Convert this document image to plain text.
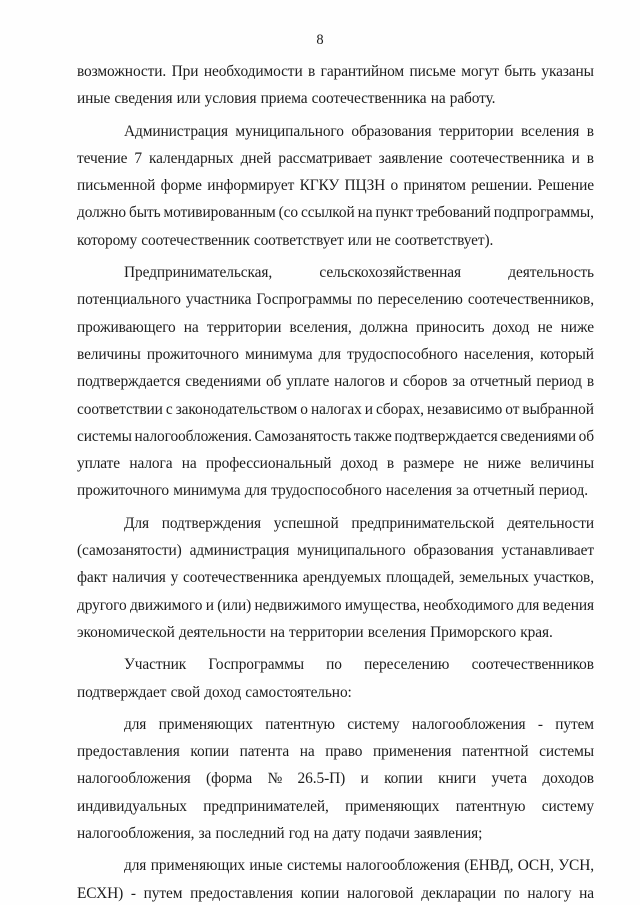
8
возможности. При необходимости в гарантийном письме могут быть указаны
иные сведения или условия приема соотечественника на работу.
Администрация муниципального образования территории вселения в
течение 7 календарных дней рассматривает заявление соотечественника и в
письменной форме информирует КГКУ ПЦЗН о принятом решении. Решение
должно быть мотивированным (со ссылкой на пункт требований подпрограммы,
которому соотечественник соответствует или не соответствует).
Предпринимательская,	сельскохозяйственная	деятельность
потенциального участника Госпрограммы по переселению соотечественников,
проживающего на территории вселения, должна приносить доход не ниже
величины прожиточного минимума для трудоспособного населения, который
подтверждается сведениями об уплате налогов и сборов за отчетный период в
соответствии с законодательством о налогах и сборах, независимо от выбранной
системы налогообложения. Самозанятость также подтверждается сведениями об
уплате налога на профессиональный доход в размере не ниже величины
прожиточного минимума для трудоспособного населения за отчетный период.
Для подтверждения успешной предпринимательской деятельности
(самозанятости) администрация муниципального образования устанавливает
факт наличия у соотечественника арендуемых площадей, земельных участков,
другого движимого и (или) недвижимого имущества, необходимого для ведения
экономической деятельности на территории вселения Приморского края.
Участник Госпрограммы по переселению соотечественников
подтверждает свой доход самостоятельно:
для применяющих патентную систему налогообложения - путем
предоставления копии патента на право применения патентной системы
налогообложения (форма № 26.5-П) и копии книги учета доходов
индивидуальных предпринимателей, применяющих патентную систему
налогообложения, за последний год на дату подачи заявления;
для применяющих иные системы налогообложения (ЕНВД, ОСН, УСН,
ЕСХН) - путем предоставления копии налоговой декларации по налогу на
